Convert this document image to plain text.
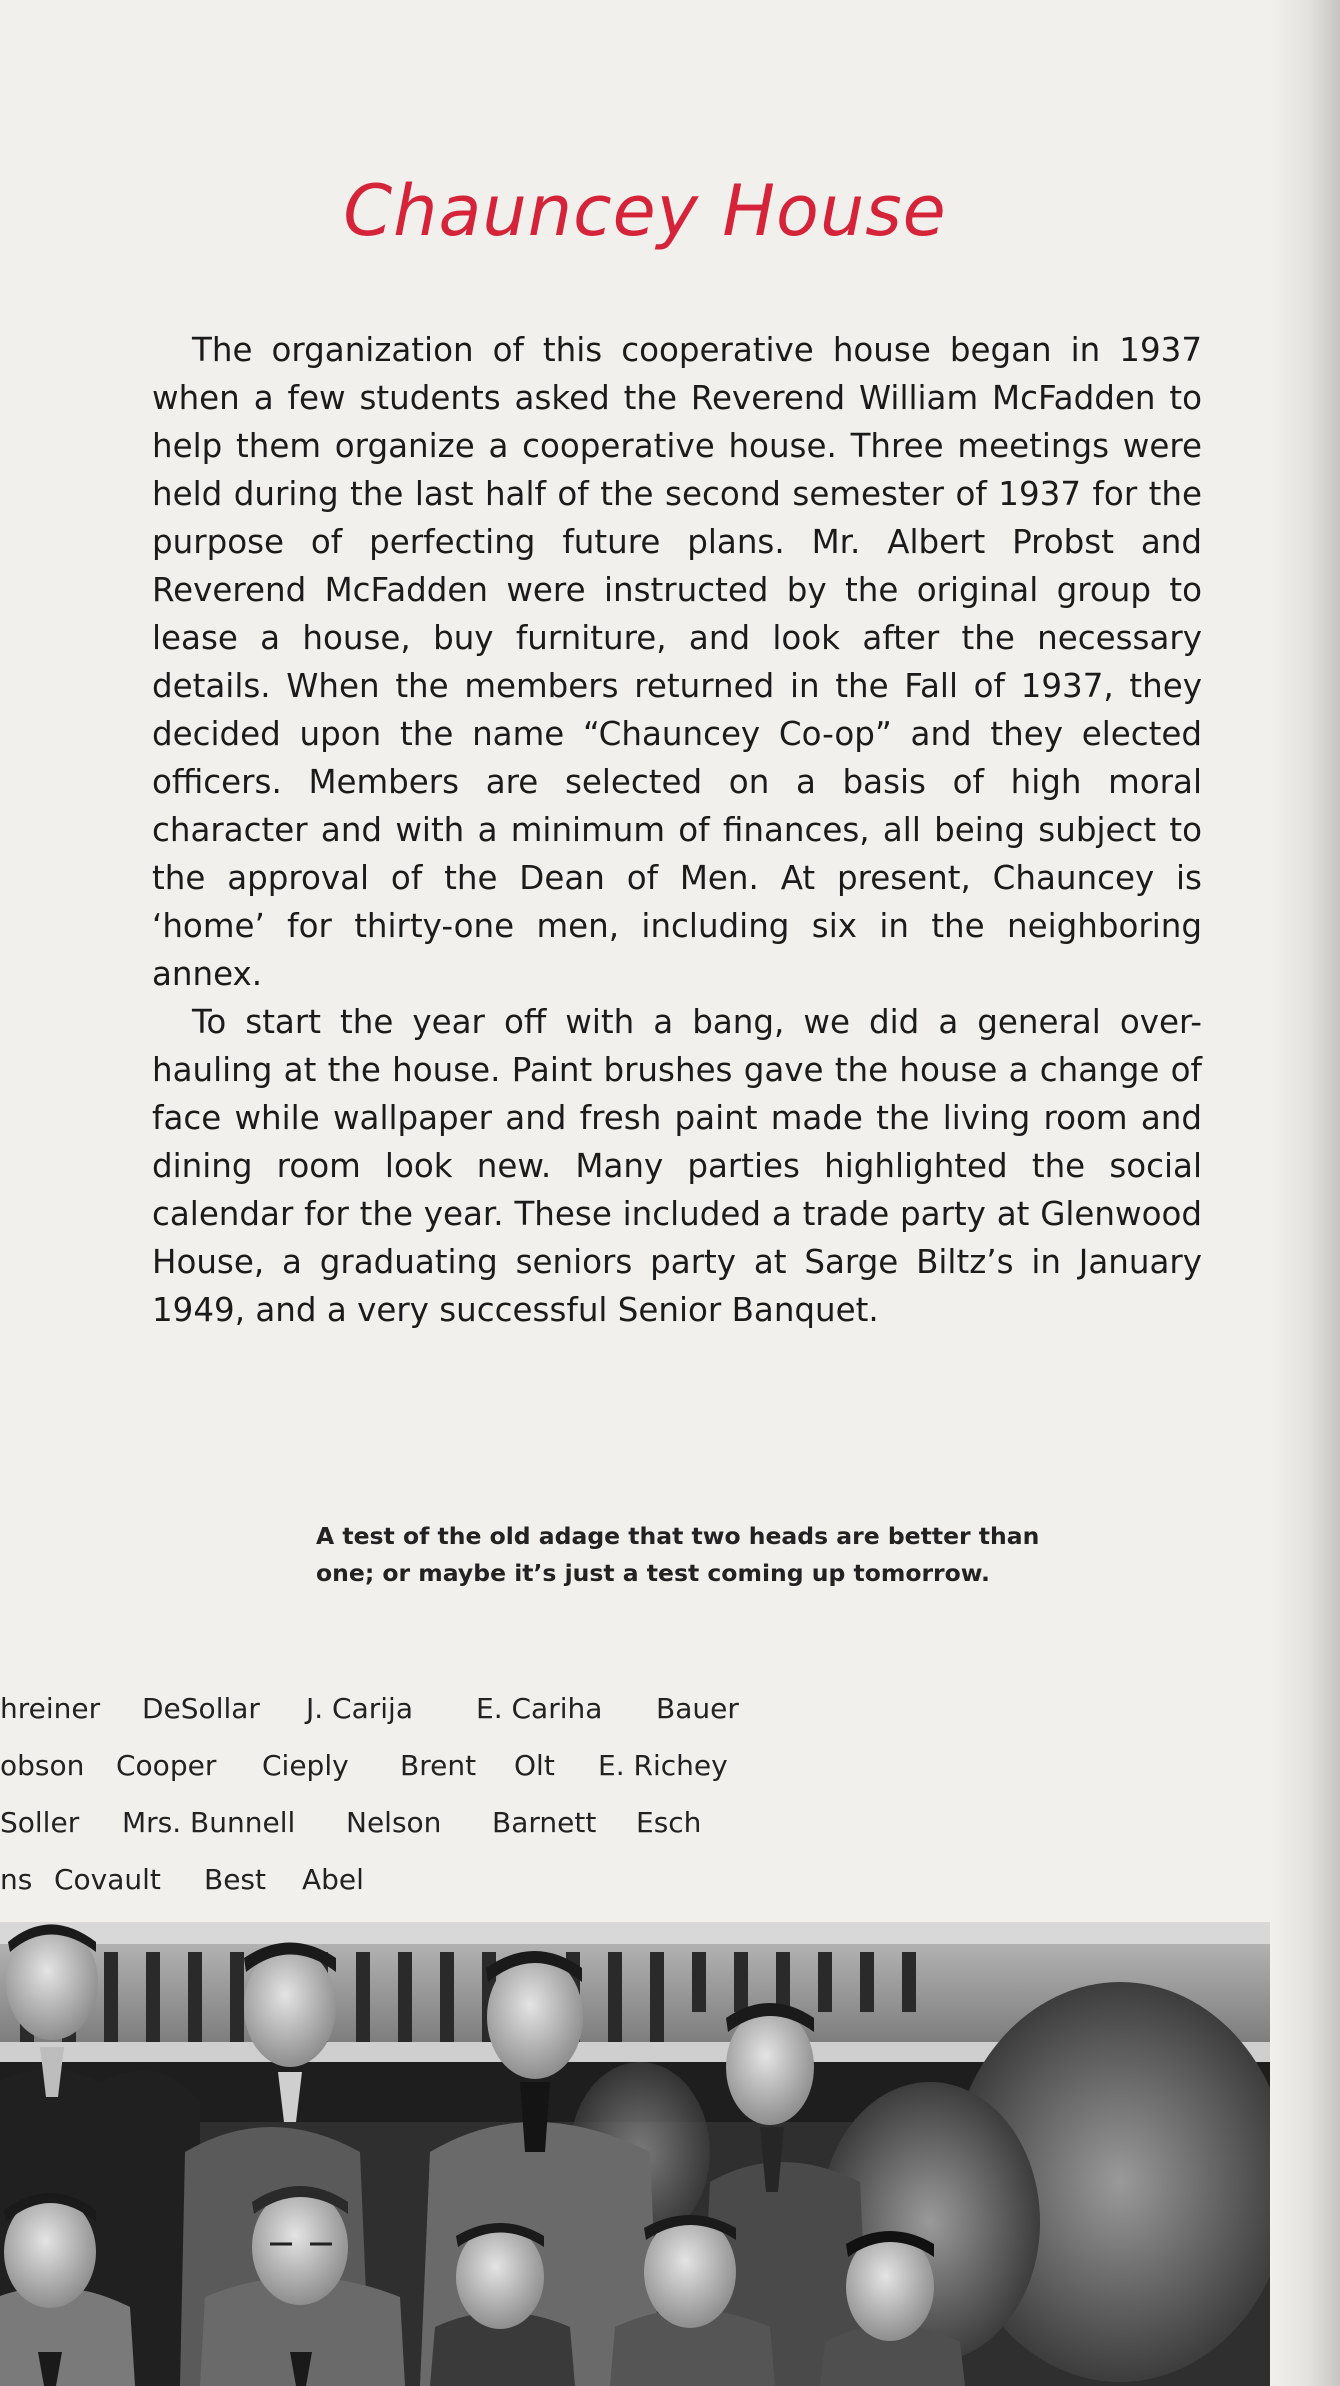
Chauncey House

The organization of this cooperative house began in 1937 when a few students asked the Reverend William McFadden to help them organize a cooperative house. Three meetings were held during the last half of the second semester of 1937 for the purpose of perfecting future plans. Mr. Albert Probst and Reverend McFadden were instructed by the original group to lease a house, buy furniture, and look after the necessary details. When the members returned in the Fall of 1937, they decided upon the name “Chauncey Co-op” and they elected officers. Members are selected on a basis of high moral character and with a minimum of finances, all being subject to the approval of the Dean of Men. At present, Chauncey is ‘home’ for thirty-one men, including six in the neighboring annex.

To start the year off with a bang, we did a general over-hauling at the house. Paint brushes gave the house a change of face while wallpaper and fresh paint made the living room and dining room look new. Many parties highlighted the social calendar for the year. These included a trade party at Glenwood House, a graduating seniors party at Sarge Biltz’s in January 1949, and a very successful Senior Banquet.

A test of the old adage that two heads are better than
one; or maybe it’s just a test coming up tomorrow.
hreiner DeSollar J. Carija E. Cariha Bauer
obson Cooper Cieply Brent Olt E. Richey
Soller Mrs. Bunnell Nelson Barnett Esch
ns Covault Best Abel
